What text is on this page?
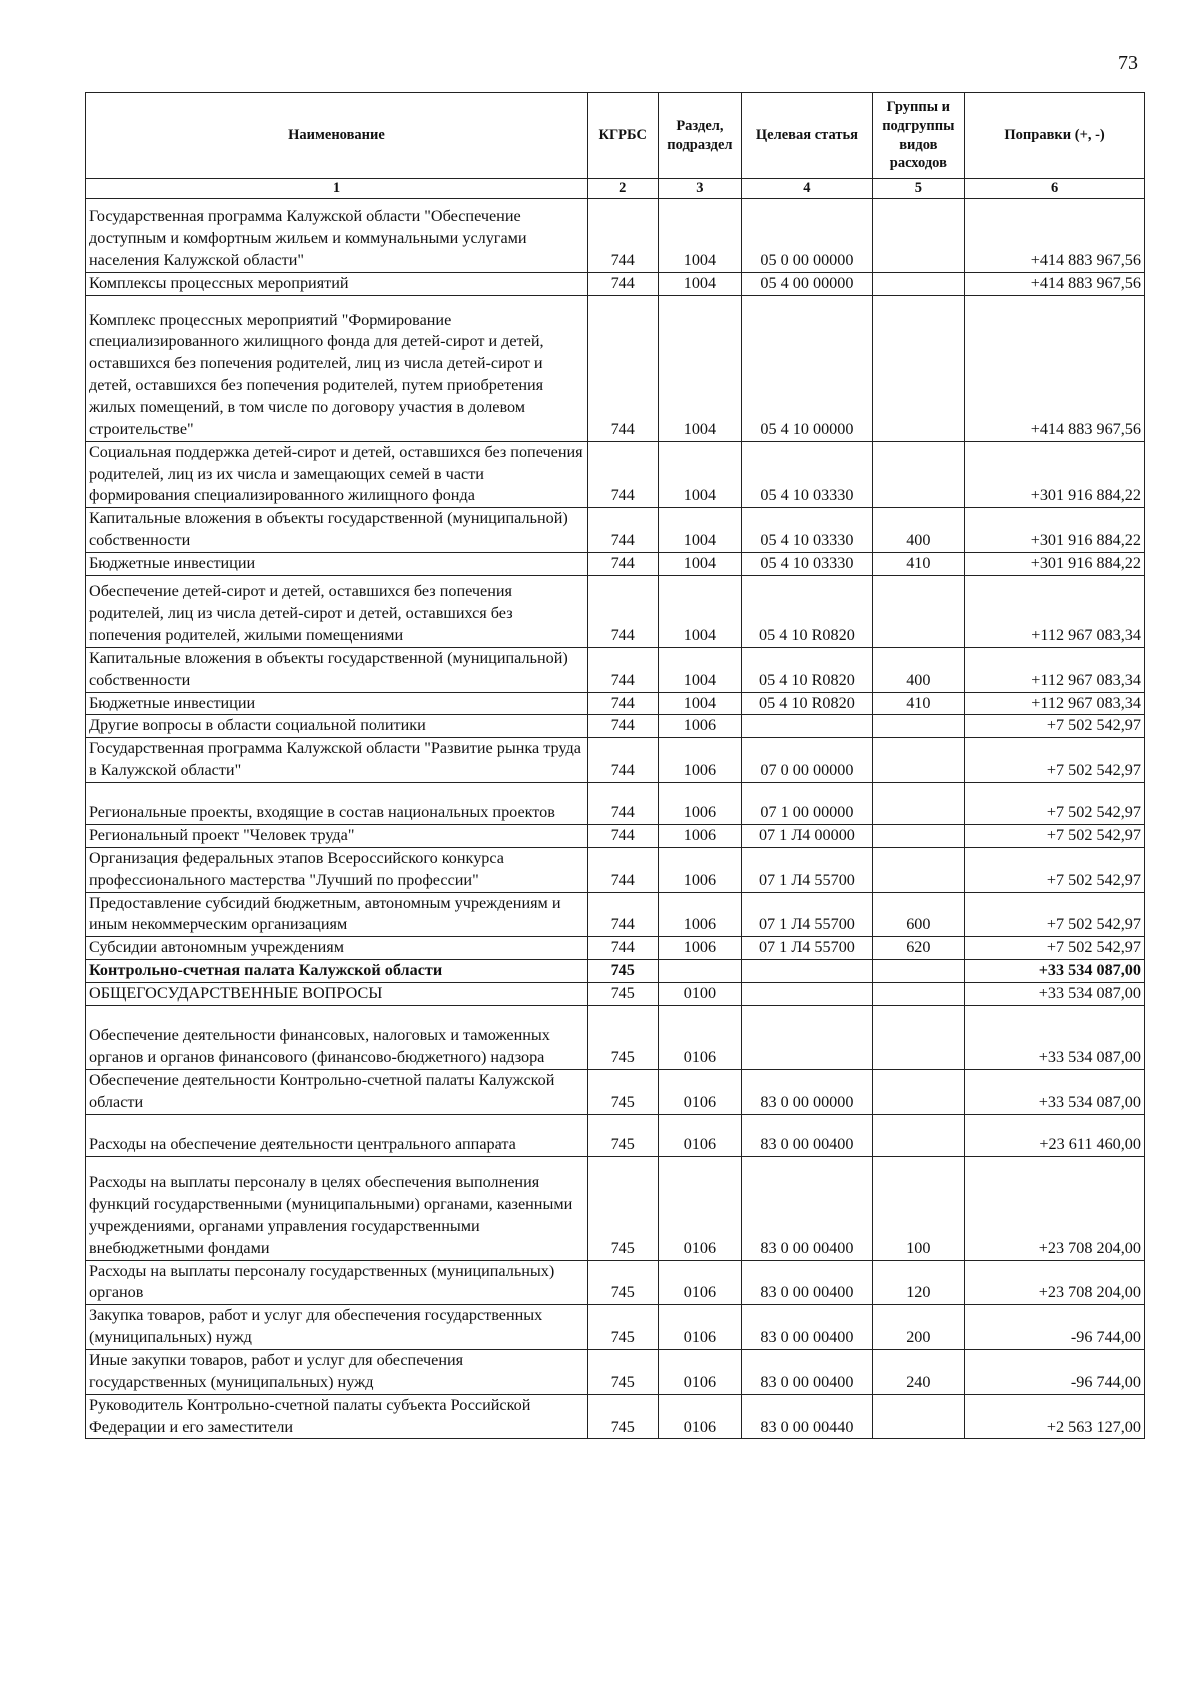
73
Наименование	КГРБС	Раздел, подраздел	Целевая статья	Группы и подгруппы видов расходов	Поправки (+, -)
1	2	3	4	5	6
Государственная программа Калужской области "Обеспечение доступным и комфортным жильем и коммунальными услугами населения Калужской области"	744	1004	05 0 00 00000		+414 883 967,56
Комплексы процессных мероприятий	744	1004	05 4 00 00000		+414 883 967,56
Комплекс процессных мероприятий "Формирование специализированного жилищного фонда для детей-сирот и детей, оставшихся без попечения родителей, лиц из числа детей-сирот и детей, оставшихся без попечения родителей, путем приобретения жилых помещений, в том числе по договору участия в долевом строительстве"	744	1004	05 4 10 00000		+414 883 967,56
Социальная поддержка детей-сирот и детей, оставшихся без попечения родителей, лиц из их числа и замещающих семей в части формирования специализированного жилищного фонда	744	1004	05 4 10 03330		+301 916 884,22
Капитальные вложения в объекты государственной (муниципальной) собственности	744	1004	05 4 10 03330	400	+301 916 884,22
Бюджетные инвестиции	744	1004	05 4 10 03330	410	+301 916 884,22
Обеспечение детей-сирот и детей, оставшихся без попечения родителей, лиц из числа детей-сирот и детей, оставшихся без попечения родителей, жилыми помещениями	744	1004	05 4 10 R0820		+112 967 083,34
Капитальные вложения в объекты государственной (муниципальной) собственности	744	1004	05 4 10 R0820	400	+112 967 083,34
Бюджетные инвестиции	744	1004	05 4 10 R0820	410	+112 967 083,34
Другие вопросы в области социальной политики	744	1006			+7 502 542,97
Государственная программа Калужской области "Развитие рынка труда в Калужской области"	744	1006	07 0 00 00000		+7 502 542,97
Региональные проекты, входящие в состав национальных проектов	744	1006	07 1 00 00000		+7 502 542,97
Региональный проект "Человек труда"	744	1006	07 1 Л4 00000		+7 502 542,97
Организация федеральных этапов Всероссийского конкурса профессионального мастерства "Лучший по профессии"	744	1006	07 1 Л4 55700		+7 502 542,97
Предоставление субсидий бюджетным, автономным учреждениям и иным некоммерческим организациям	744	1006	07 1 Л4 55700	600	+7 502 542,97
Субсидии автономным учреждениям	744	1006	07 1 Л4 55700	620	+7 502 542,97
Контрольно-счетная палата Калужской области	745				+33 534 087,00
ОБЩЕГОСУДАРСТВЕННЫЕ ВОПРОСЫ	745	0100			+33 534 087,00
Обеспечение деятельности финансовых, налоговых и таможенных органов и органов финансового (финансово-бюджетного) надзора	745	0106			+33 534 087,00
Обеспечение деятельности Контрольно-счетной палаты Калужской области	745	0106	83 0 00 00000		+33 534 087,00
Расходы на обеспечение деятельности центрального аппарата	745	0106	83 0 00 00400		+23 611 460,00
Расходы на выплаты персоналу в целях обеспечения выполнения функций государственными (муниципальными) органами, казенными учреждениями, органами управления государственными внебюджетными фондами	745	0106	83 0 00 00400	100	+23 708 204,00
Расходы на выплаты персоналу государственных (муниципальных) органов	745	0106	83 0 00 00400	120	+23 708 204,00
Закупка товаров, работ и услуг для обеспечения государственных (муниципальных) нужд	745	0106	83 0 00 00400	200	-96 744,00
Иные закупки товаров, работ и услуг для обеспечения государственных (муниципальных) нужд	745	0106	83 0 00 00400	240	-96 744,00
Руководитель Контрольно-счетной палаты субъекта Российской Федерации и его заместители	745	0106	83 0 00 00440		+2 563 127,00
